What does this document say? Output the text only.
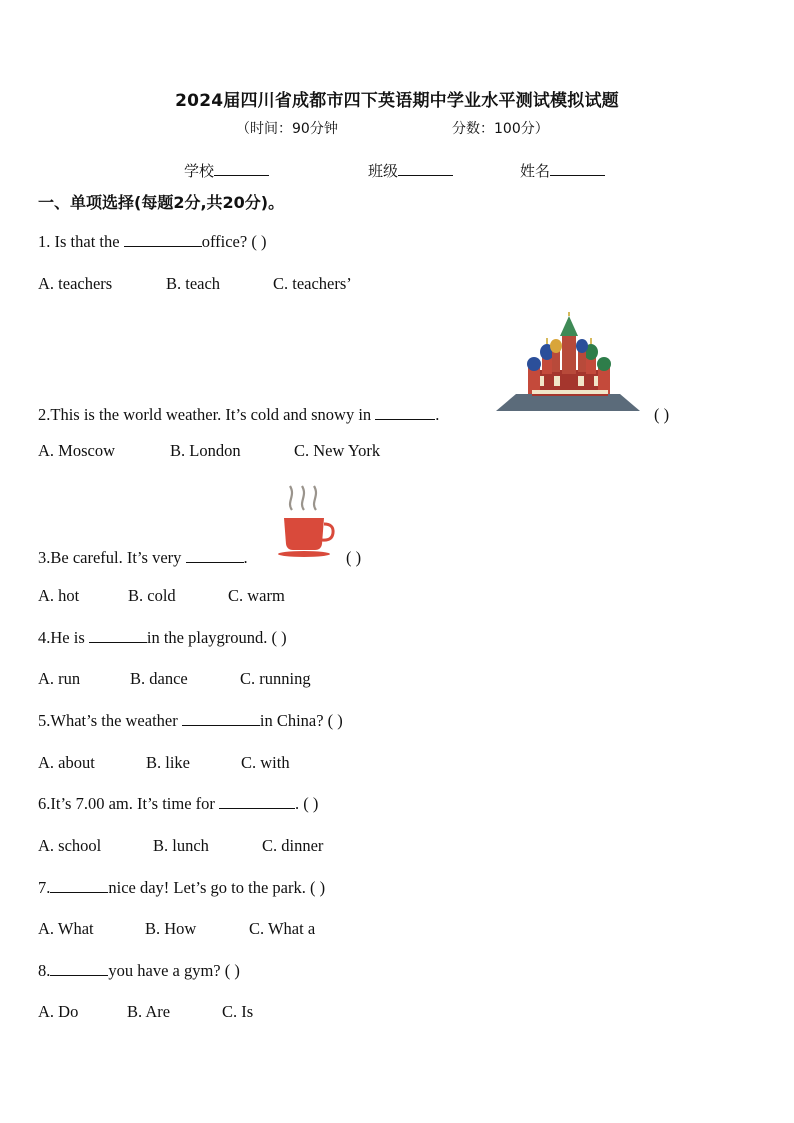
2024届四川省成都市四下英语期中学业水平测试模拟试题
（时间：90分钟	分数：100分）
学校	班级	姓名
一、单项选择(每题2分,共20分)。
1. Is that the	office? ( )
A. teachers	B. teach	C. teachers’
2.This is the world weather. It’s cold and snowy in	.	( )
A. Moscow	B. London	C. New York
3.Be careful. It’s very	.	( )
A. hot	B. cold	C. warm
4.He is	in the playground. ( )
A. run	B. dance	C. running
5.What’s the weather	in China? ( )
A. about	B. like	C. with
6.It’s 7.00 am. It’s time for	. ( )
A. school	B. lunch	C. dinner
7.	nice day! Let’s go to the park. ( )
A. What	B. How	C. What a
8.	you have a gym? ( )
A. Do	B. Are	C. Is
